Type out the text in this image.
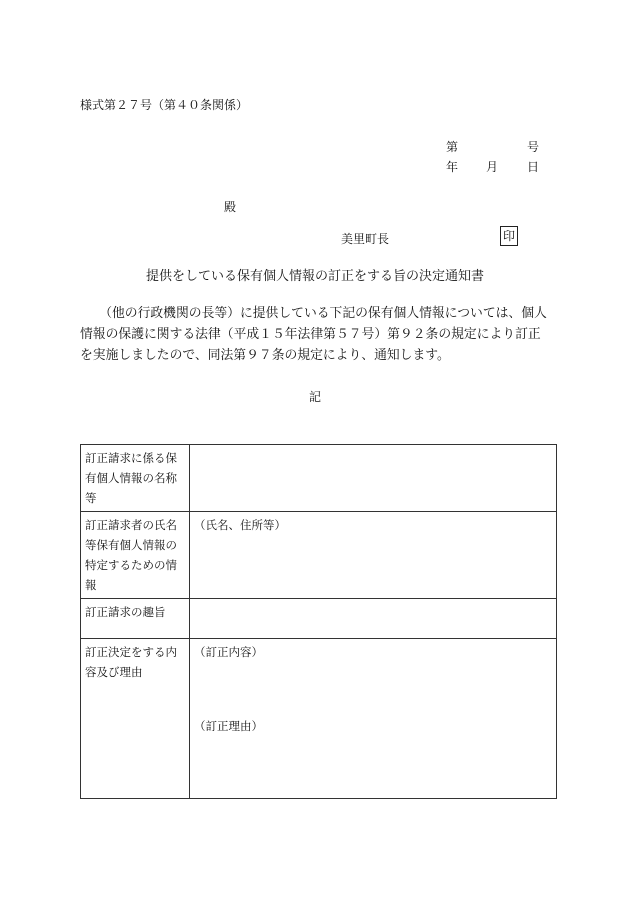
様式第２７号（第４０条関係）
第	号
年 月 日
殿
美里町長	印
提供をしている保有個人情報の訂正をする旨の決定通知書
（他の行政機関の長等）に提供している下記の保有個人情報については、個人情報の保護に関する法律（平成１５年法律第５７号）第９２条の規定により訂正を実施しましたので、同法第９７条の規定により、通知します。
記
訂正請求に係る保有個人情報の名称等	
訂正請求者の氏名等保有個人情報の特定するための情報	（氏名、住所等）
訂正請求の趣旨	
訂正決定をする内容及び理由	（訂正内容）
（訂正理由）
